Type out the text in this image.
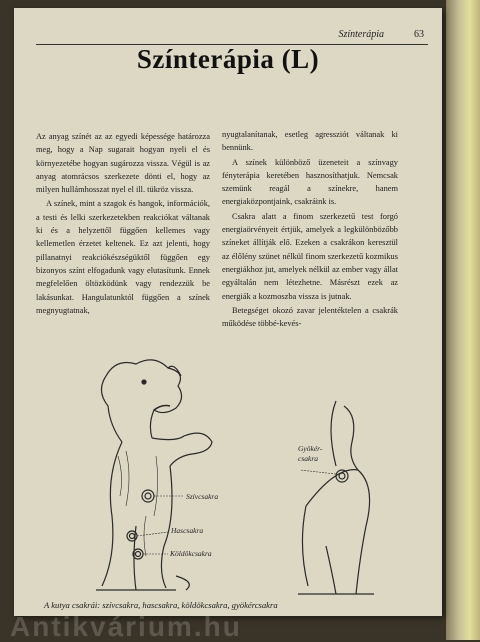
Színterápia	63
Színterápia (L)

Az anyag színét az az egyedi képessége határozza meg, hogy a Nap sugarait hogyan nyeli el és környezetébe hogyan sugározza vissza. Végül is az anyag atomrácsos szerkezete dönti el, hogy az milyen hullámhosszat nyel el ill. tükröz vissza.

A színek, mint a szagok és hangok, információk, a testi és lelki szerkezetekben reakciókat váltanak ki és a helyzettől függően kellemes vagy kellemetlen érzetet keltenek. Ez azt jelenti, hogy pillanatnyi reakciókészségüktől függően egy bizonyos színt elfogadunk vagy elutasítunk. Ennek megfelelően öltözködünk vagy rendezzük be lakásunkat. Hangulatunktól függően a színek megnyugtatnak,

nyugtalanítanak, esetleg agressziót váltanak ki bennünk.

A színek különböző üzeneteit a színvagy fényterápia keretében hasznosíthatjuk. Nemcsak szemünk reagál a színekre, hanem energiaközpontjaink, csakráink is.

Csakra alatt a finom szerkezetű test forgó energiaörvényeit értjük, amelyek a legkülönbözőbb színeket állítják elő. Ezeken a csakrákon keresztül az élőlény szünet nélkül finom szerkezetű kozmikus energiákhoz jut, amelyek nélkül az ember vagy állat egyáltalán nem létezhetne. Másrészt ezek az energiák a kozmoszba vissza is jutnak.

Betegséget okozó zavar jelentéktelen a csakrák működése többé-kevés-

Szívcsakra
Hascsakra
Köldökcsakra
Gyökér-
csakra
A kutya csakrái: szívcsakra, hascsakra, köldökcsakra, gyökércsakra
Antikvárium.hu
